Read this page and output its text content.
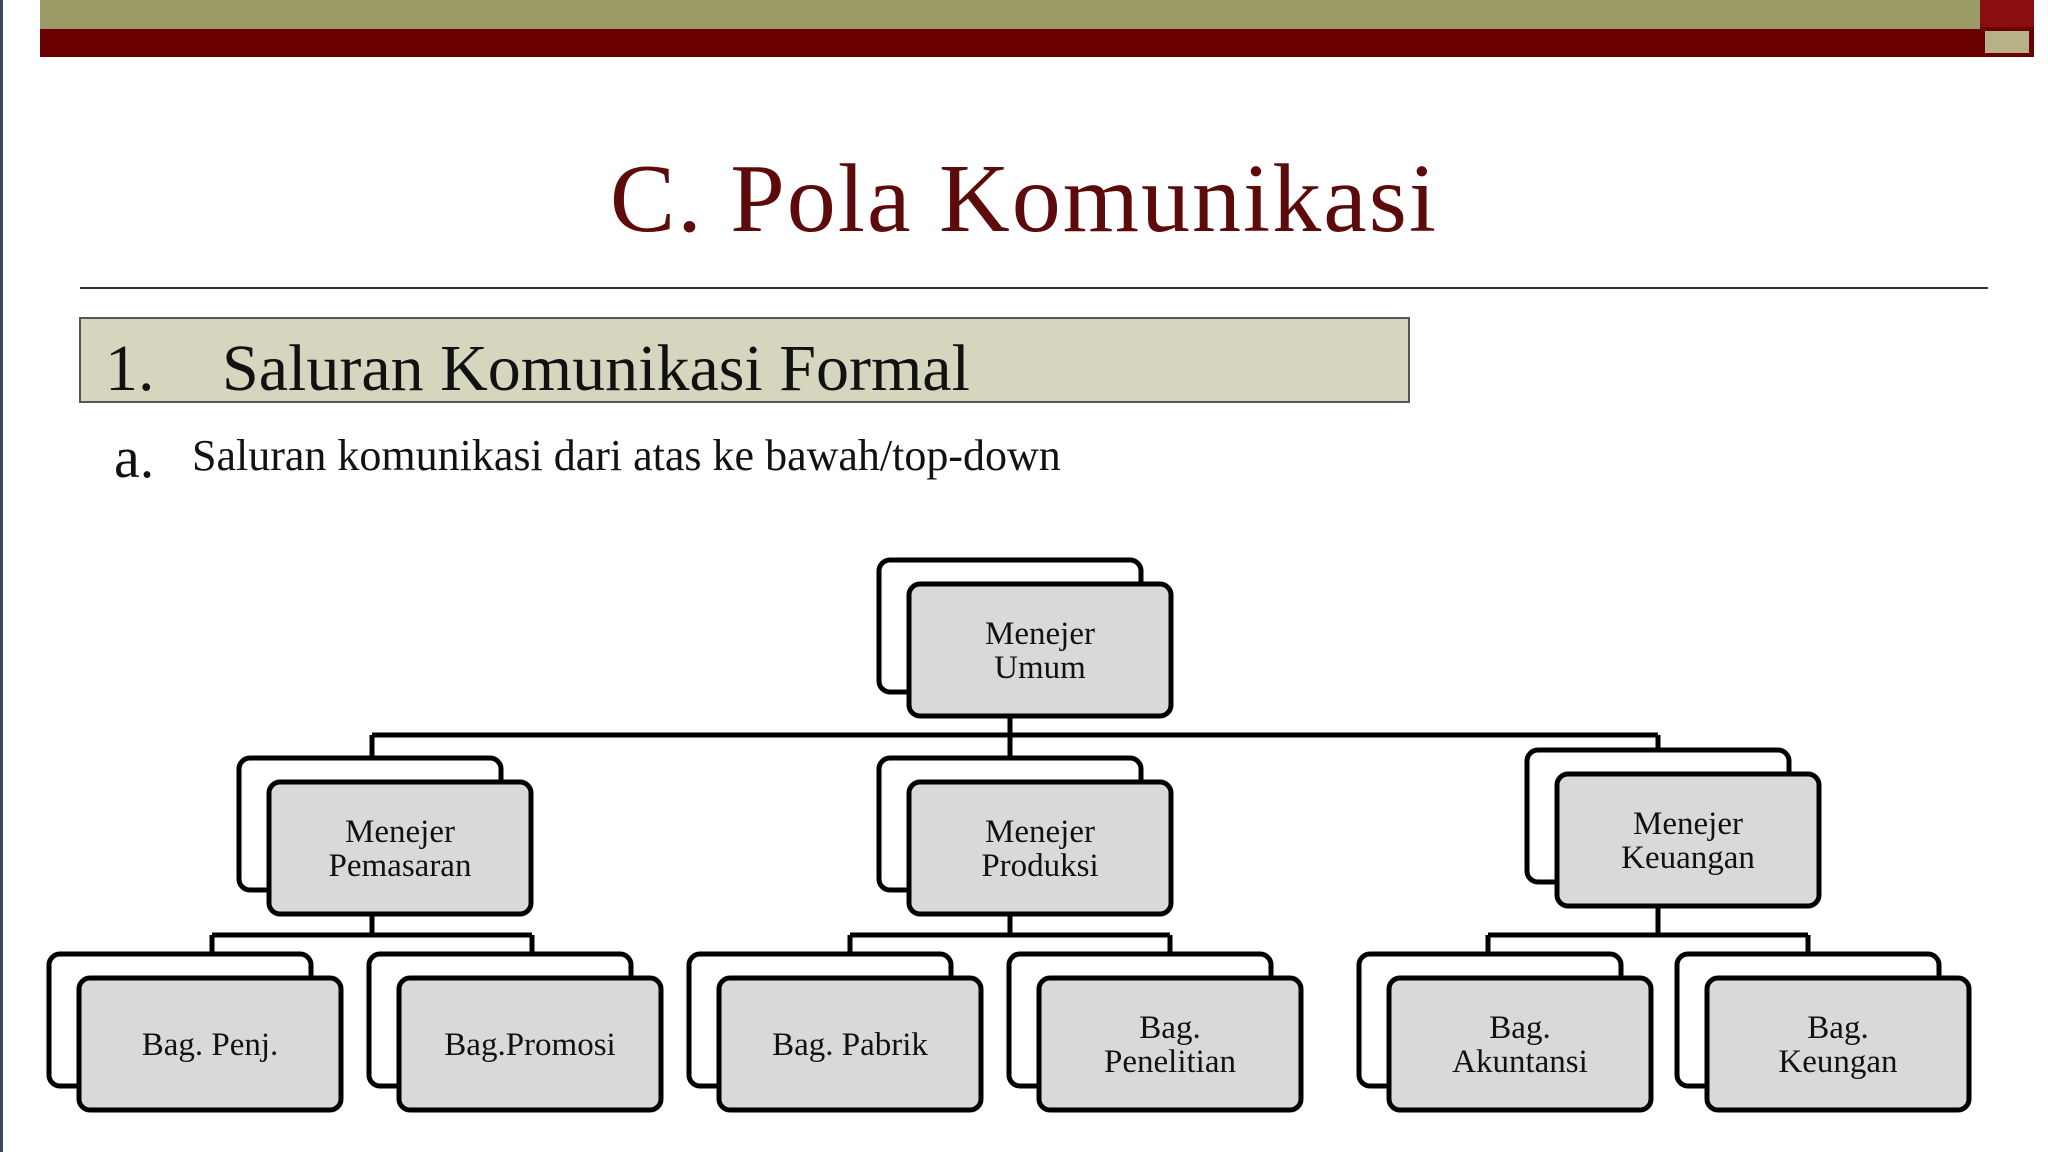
C. Pola Komunikasi
1. Saluran Komunikasi Formal
a. Saluran komunikasi dari atas ke bawah/top-down
Menejer
Umum
Menejer
Pemasaran
Bag. Penj.	Bag.Promosi
Menejer
Produksi
Bag. Pabrik	Bag.
Penelitian
Menejer
Keuangan
Bag.
Akuntansi
Bag.
Keungan
